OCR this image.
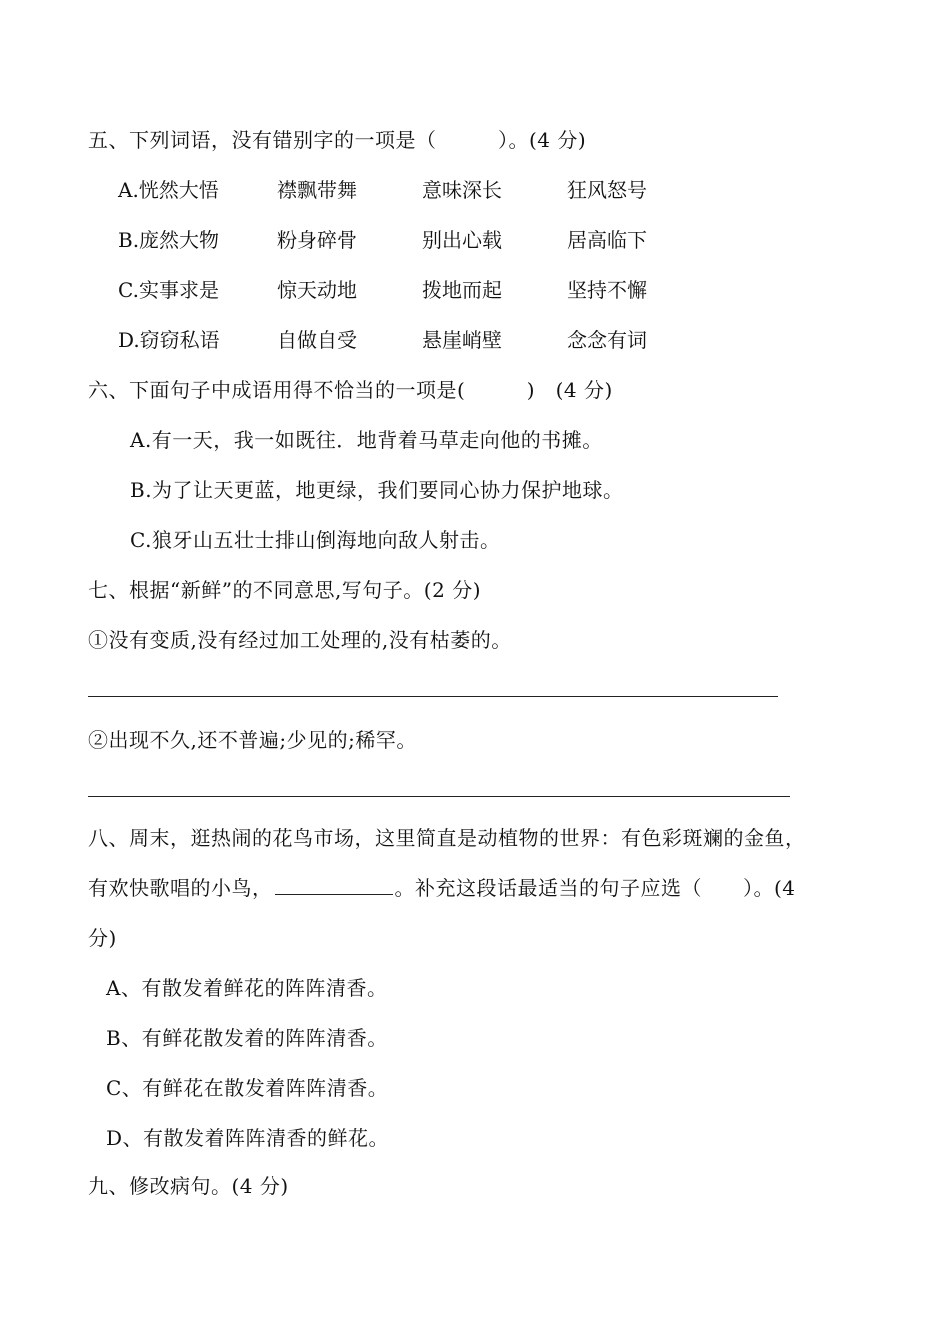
五、下列词语，没有错别字的一项是（　　　）。(4 分)
A.恍然大悟	襟飘带舞	意味深长	狂风怒号
B.庞然大物	粉身碎骨	别出心载	居高临下
C.实事求是	惊天动地	拨地而起	坚持不懈
D.窃窃私语	自做自受	悬崖峭壁	念念有词
六、下面句子中成语用得不恰当的一项是(　　　)　(4 分)
A.有一天，我一如既往．地背着马草走向他的书摊。
B.为了让天更蓝，地更绿，我们要同心协力保护地球。
C.狼牙山五壮士排山倒海地向敌人射击。
七、根据“新鲜”的不同意思,写句子。(2 分)
①没有变质,没有经过加工处理的,没有枯萎的。
②出现不久,还不普遍;少见的;稀罕。
八、周末，逛热闹的花鸟市场，这里简直是动植物的世界：有色彩斑斓的金鱼，
有欢快歌唱的小鸟，	。补充这段话最适当的句子应选（　　）。(4
分)
A、有散发着鲜花的阵阵清香。
B、有鲜花散发着的阵阵清香。
C、有鲜花在散发着阵阵清香。
D、有散发着阵阵清香的鲜花。
九、修改病句。(4 分)
